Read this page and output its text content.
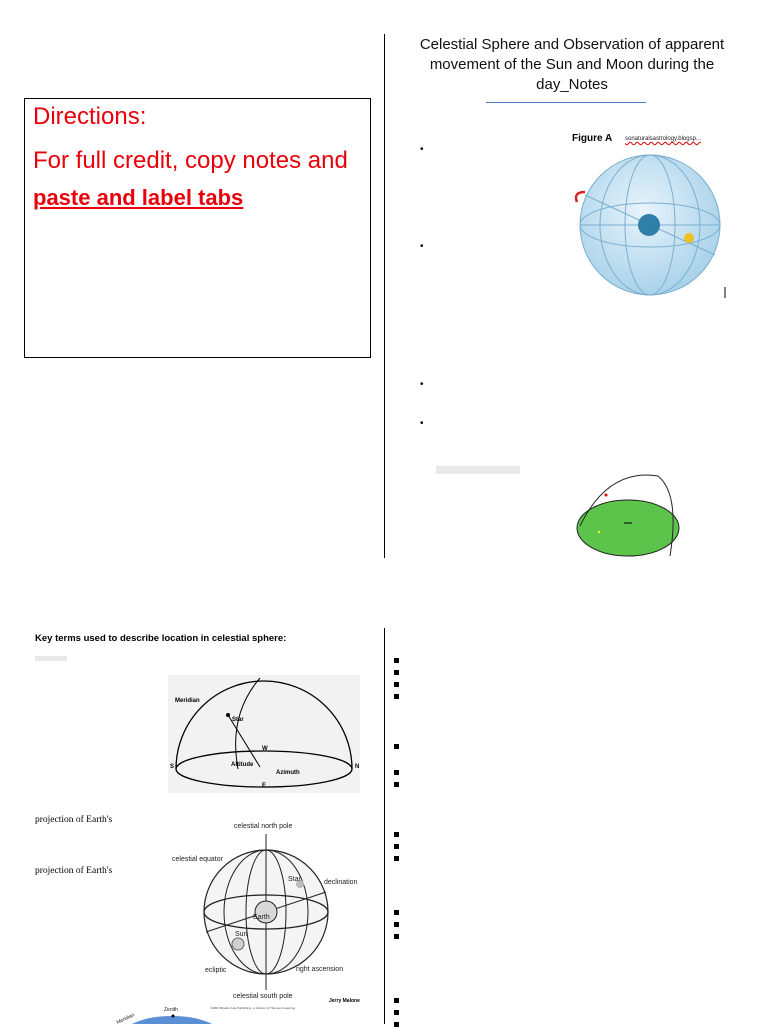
Directions:
For full credit, copy notes and
paste and label tabs
Celestial Sphere and Observation of apparent movement of the Sun and Moon during the day_Notes
•
•
•
•
Figure A sonaturalsastrology.blogsp...
Key terms used to describe location in celestial sphere:
Meridian
Star
W
S	N
Altitude
Azimuth
E
projection of Earth's
projection of Earth's
celestial north pole
celestial equator
Star	declination
Earth
Sun
ecliptic	right ascension
celestial south pole
Jerry Malone
©2006 Brooks Cole Publishing - a division of Thomson Learning
Zenith
Meridian
